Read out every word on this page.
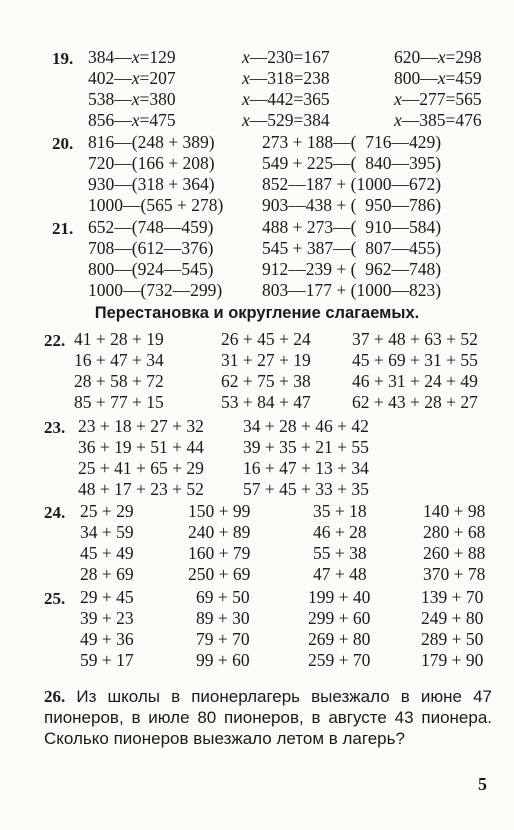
Перестановка и округление слагаемых.
26. Из школы в пионерлагерь выезжало в июне 47 пионеров, в июле 80 пионеров, в августе 43 пионера. Сколько пионеров выезжало летом в лагерь?
5
19. 384—x=129
402—x=207
538—x=380
856—x=475
x—230=167
x—318=238
x—442=365
x—529=384
620—x=298
800—x=459
x—277=565
x—385=476
20. 816—(248 + 389)
720—(166 + 208)
930—(318 + 364)
1000—(565 + 278)
273 + 188—(  716—429)
549 + 225—(  840—395)
852—187 + (1000—672)
903—438 + (  950—786)
21. 652—(748—459)
708—(612—376)
800—(924—545)
1000—(732—299)
488 + 273—(  910—584)
545 + 387—(  807—455)
912—239 + (  962—748)
803—177 + (1000—823)
22. 41 + 28 + 19
16 + 47 + 34
28 + 58 + 72
85 + 77 + 15
26 + 45 + 24
31 + 27 + 19
62 + 75 + 38
53 + 84 + 47
37 + 48 + 63 + 52
45 + 69 + 31 + 55
46 + 31 + 24 + 49
62 + 43 + 28 + 27
23. 23 + 18 + 27 + 32
36 + 19 + 51 + 44
25 + 41 + 65 + 29
48 + 17 + 23 + 52
34 + 28 + 46 + 42
39 + 35 + 21 + 55
16 + 47 + 13 + 34
57 + 45 + 33 + 35
24. 25 + 29
34 + 59
45 + 49
28 + 69
150 + 99
240 + 89
160 + 79
250 + 69
35 + 18
46 + 28
55 + 38
47 + 48
140 + 98
280 + 68
260 + 88
370 + 78
25. 29 + 45
39 + 23
49 + 36
59 + 17
69 + 50
89 + 30
79 + 70
99 + 60
199 + 40
299 + 60
269 + 80
259 + 70
139 + 70
249 + 80
289 + 50
179 + 90
